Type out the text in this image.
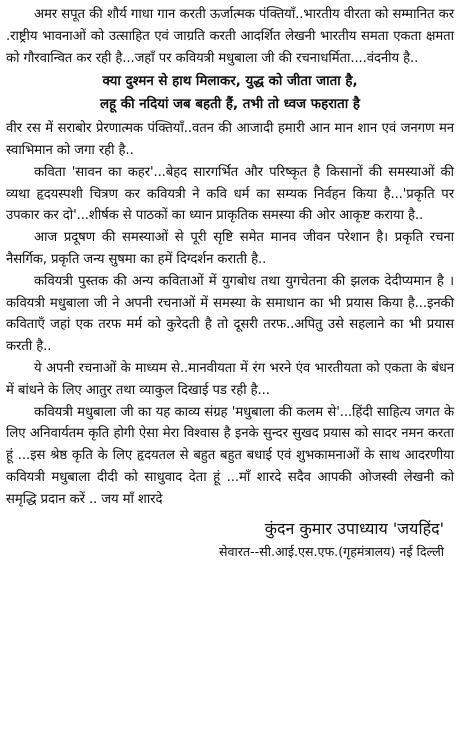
अमर सपूत की शौर्य गाधा गान करती ऊर्जात्मक पंक्तियाँ..भारतीय वीरता को सम्मानित कर .राष्ट्रीय भावनाओं को उत्साहित एवं जाग्रति करती आदर्शित लेखनी भारतीय समता एकता क्षमता को गौरवान्वित कर रही है...जहाँ पर कवियत्री मधुबाला जी की रचनाधर्मिता....वंदनीय है..

क्या दुश्मन से हाथ मिलाकर, युद्ध को जीता जाता है,
लहू की नदियां जब बहती हैं, तभी तो ध्वज फहराता है

वीर रस में सराबोर प्रेरणात्मक पंक्तियाँ..वतन की आजादी हमारी आन मान शान एवं जनगण मन स्वाभिमान को जगा रही है..

कविता 'सावन का कहर'...बेहद सारगर्भित और परिष्कृत है किसानों की समस्याओं की व्यथा हृदयस्पशी चित्रण कर कवियत्री ने कवि धर्म का सम्यक निर्वहन किया है...'प्रकृति पर उपकार कर दो'...शीर्षक से पाठकों का ध्यान प्राकृतिक समस्या की ओर आकृष्ट कराया है..

आज प्रदूषण की समस्याओं से पूरी सृष्टि समेत मानव जीवन परेशान है। प्रकृति रचना नैसर्गिक, प्रकृति जन्य सुषमा का हमें दिग्दर्शन कराती है..

कवियत्री पुस्तक की अन्य कविताओं में युगबोध तथा युगचेतना की झलक देदीप्यमान है । कवियत्री मधुबाला जी ने अपनी रचनाओं में समस्या के समाधान का भी प्रयास किया है...इनकी कविताएँ जहां एक तरफ मर्म को कुरेदती है तो दूसरी तरफ..अपितु उसे सहलाने का भी प्रयास करती है..

ये अपनी रचनाओं के माध्यम से..मानवीयता में रंग भरने एंव भारतीयता को एकता के बंधन में बांधने के लिए आतुर तथा व्याकुल दिखाई पड रही है...

कवियत्री मधुबाला जी का यह काव्य संग्रह 'मधुबाला की कलम से'...हिंदी साहित्य जगत के लिए अनिवार्यतम कृति होगी ऐसा मेरा विश्वास है इनके सुन्दर सुखद प्रयास को सादर नमन करता हूं ...इस श्रेष्ठ कृति के लिए हृदयतल से बहुत बहुत बधाई एवं शुभकामनाओं के साथ आदरणीया कवियत्री मधुबाला दीदी को साधुवाद देता हूं ...माँ शारदे सदैव आपकी ओजस्वी लेखनी को समृद्धि प्रदान करें .. जय माँ शारदे

कुंदन कुमार उपाध्याय 'जयहिंद'
सेवारत--सी.आई.एस.एफ.(गृहमंत्रालय) नई दिल्ली
